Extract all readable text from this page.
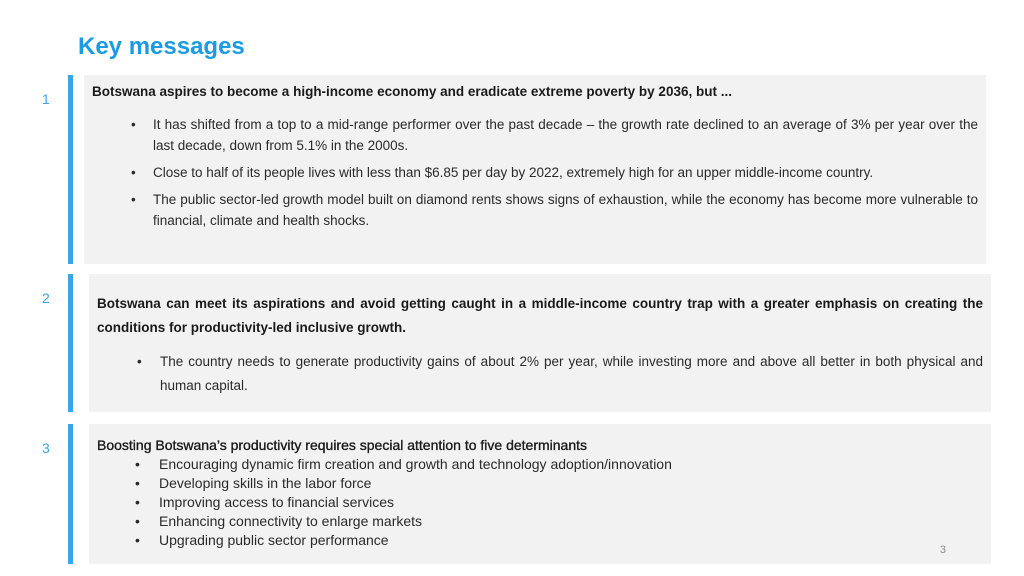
Key messages
1	Botswana aspires to become a high-income economy and eradicate extreme poverty by 2036, but ...

• It has shifted from a top to a mid-range performer over the past decade – the growth rate declined to an average of 3% per year over the last decade, down from 5.1% in the 2000s.
• Close to half of its people lives with less than $6.85 per day by 2022, extremely high for an upper middle-income country.
• The public sector-led growth model built on diamond rents shows signs of exhaustion, while the economy has become more vulnerable to financial, climate and health shocks.
2	Botswana can meet its aspirations and avoid getting caught in a middle-income country trap with a greater emphasis on creating the conditions for productivity-led inclusive growth.

• The country needs to generate productivity gains of about 2% per year, while investing more and above all better in both physical and human capital.
3	Boosting Botswana’s productivity requires special attention to five determinants

• Encouraging dynamic firm creation and growth and technology adoption/innovation
• Developing skills in the labor force
• Improving access to financial services
• Enhancing connectivity to enlarge markets
• Upgrading public sector performance
3
